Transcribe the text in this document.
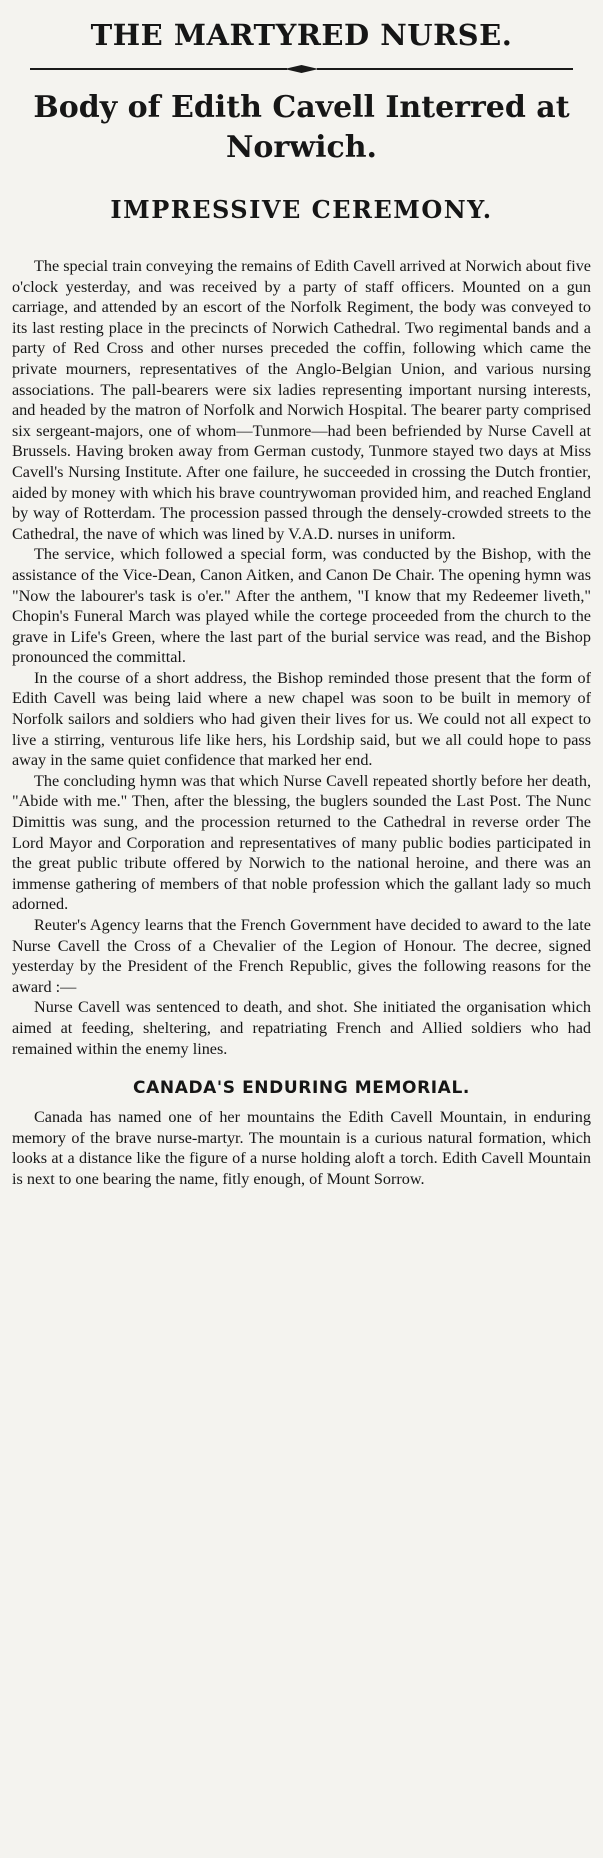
THE MARTYRED NURSE.
Body of Edith Cavell Interred at Norwich.
IMPRESSIVE CEREMONY.

The special train conveying the remains of Edith Cavell arrived at Norwich about five o'clock yesterday, and was received by a party of staff officers. Mounted on a gun carriage, and attended by an escort of the Norfolk Regiment, the body was conveyed to its last resting place in the precincts of Norwich Cathedral. Two regimental bands and a party of Red Cross and other nurses preceded the coffin, following which came the private mourners, representatives of the Anglo-Belgian Union, and various nursing associations. The pall-bearers were six ladies representing important nursing interests, and headed by the matron of Norfolk and Norwich Hospital. The bearer party comprised six sergeant-majors, one of whom—Tunmore—had been befriended by Nurse Cavell at Brussels. Having broken away from German custody, Tunmore stayed two days at Miss Cavell's Nursing Institute. After one failure, he succeeded in crossing the Dutch frontier, aided by money with which his brave countrywoman provided him, and reached England by way of Rotterdam. The procession passed through the densely-crowded streets to the Cathedral, the nave of which was lined by V.A.D. nurses in uniform.

The service, which followed a special form, was conducted by the Bishop, with the assistance of the Vice-Dean, Canon Aitken, and Canon De Chair. The opening hymn was "Now the labourer's task is o'er." After the anthem, "I know that my Redeemer liveth," Chopin's Funeral March was played while the cortege proceeded from the church to the grave in Life's Green, where the last part of the burial service was read, and the Bishop pronounced the committal.

In the course of a short address, the Bishop reminded those present that the form of Edith Cavell was being laid where a new chapel was soon to be built in memory of Norfolk sailors and soldiers who had given their lives for us. We could not all expect to live a stirring, venturous life like hers, his Lordship said, but we all could hope to pass away in the same quiet confidence that marked her end.

The concluding hymn was that which Nurse Cavell repeated shortly before her death, "Abide with me." Then, after the blessing, the buglers sounded the Last Post. The Nunc Dimittis was sung, and the procession returned to the Cathedral in reverse order The Lord Mayor and Corporation and representatives of many public bodies participated in the great public tribute offered by Norwich to the national heroine, and there was an immense gathering of members of that noble profession which the gallant lady so much adorned.

Reuter's Agency learns that the French Government have decided to award to the late Nurse Cavell the Cross of a Chevalier of the Legion of Honour. The decree, signed yesterday by the President of the French Republic, gives the following reasons for the award :—

Nurse Cavell was sentenced to death, and shot. She initiated the organisation which aimed at feeding, sheltering, and repatriating French and Allied soldiers who had remained within the enemy lines.

CANADA'S ENDURING MEMORIAL.

Canada has named one of her mountains the Edith Cavell Mountain, in enduring memory of the brave nurse-martyr. The mountain is a curious natural formation, which looks at a distance like the figure of a nurse holding aloft a torch. Edith Cavell Mountain is next to one bearing the name, fitly enough, of Mount Sorrow.
